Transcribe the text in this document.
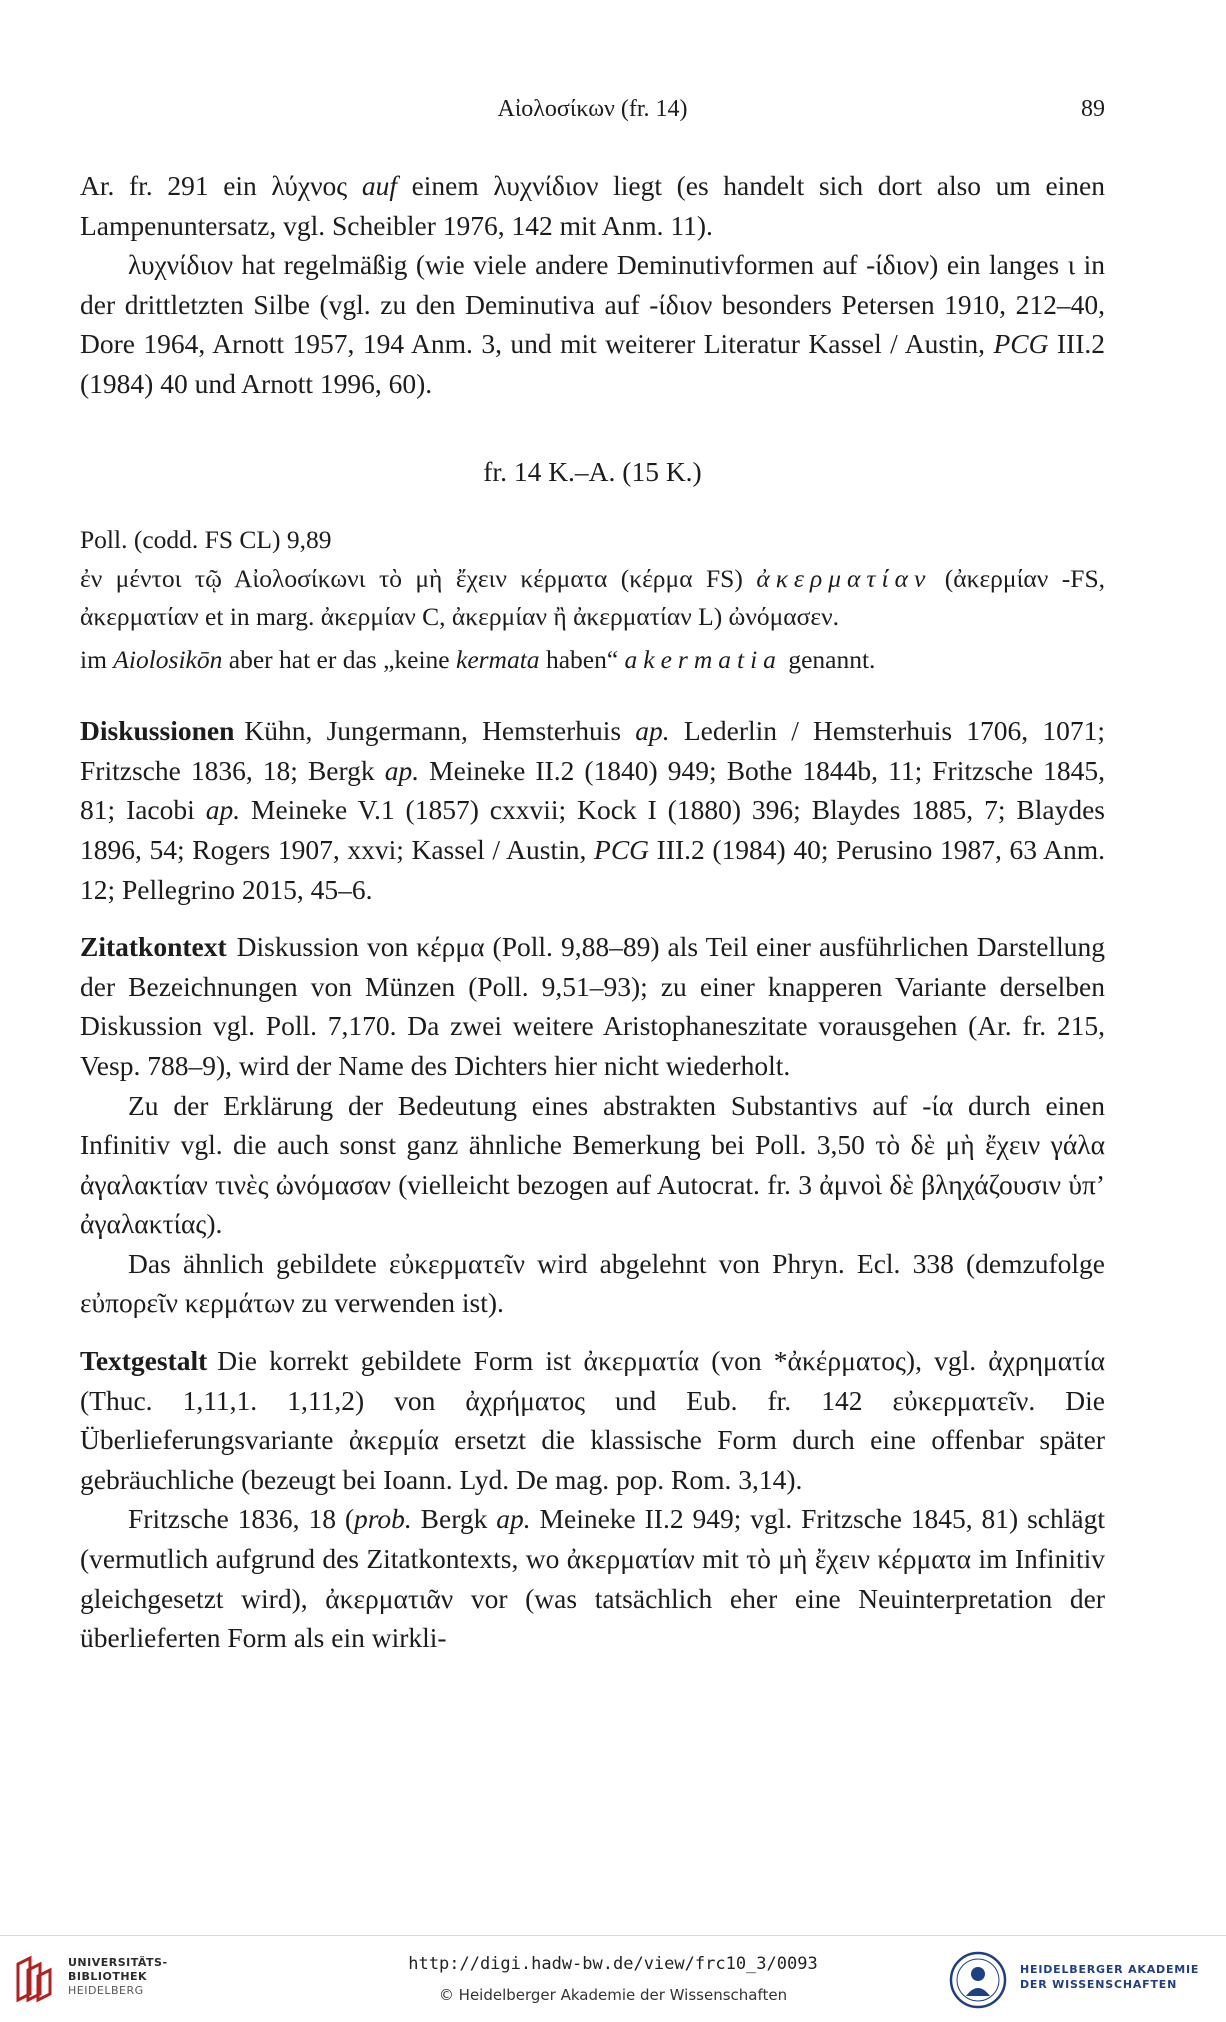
Αἰολοσίκων (fr. 14)	89

Ar. fr. 291 ein λύχνος auf einem λυχνίδιον liegt (es handelt sich dort also um einen Lampenuntersatz, vgl. Scheibler 1976, 142 mit Anm. 11).

λυχνίδιον hat regelmäßig (wie viele andere Deminutivformen auf -ίδιον) ein langes ι in der drittletzten Silbe (vgl. zu den Deminutiva auf -ίδιον besonders Petersen 1910, 212–40, Dore 1964, Arnott 1957, 194 Anm. 3, und mit weiterer Literatur Kassel / Austin, PCG III.2 (1984) 40 und Arnott 1996, 60).

fr. 14 K.–A. (15 K.)

Poll. (codd. FS CL) 9,89

ἐν μέντοι τῷ Αἰολοσίκωνι τὸ μὴ ἔχειν κέρματα (κέρμα FS) ἀκερματίαν (ἀκερμίαν -FS, ἀκερματίαν et in marg. ἀκερμίαν C, ἀκερμίαν ἢ ἀκερματίαν L) ὠνόμασεν.

im Aiolosikōn aber hat er das „keine kermata haben“ akermatia genannt.

Diskussionen Kühn, Jungermann, Hemsterhuis ap. Lederlin / Hemsterhuis 1706, 1071; Fritzsche 1836, 18; Bergk ap. Meineke II.2 (1840) 949; Bothe 1844b, 11; Fritzsche 1845, 81; Iacobi ap. Meineke V.1 (1857) cxxvii; Kock I (1880) 396; Blaydes 1885, 7; Blaydes 1896, 54; Rogers 1907, xxvi; Kassel / Austin, PCG III.2 (1984) 40; Perusino 1987, 63 Anm. 12; Pellegrino 2015, 45–6.

Zitatkontext Diskussion von κέρμα (Poll. 9,88–89) als Teil einer ausführlichen Darstellung der Bezeichnungen von Münzen (Poll. 9,51–93); zu einer knapperen Variante derselben Diskussion vgl. Poll. 7,170. Da zwei weitere Aristophaneszitate vorausgehen (Ar. fr. 215, Vesp. 788–9), wird der Name des Dichters hier nicht wiederholt.

Zu der Erklärung der Bedeutung eines abstrakten Substantivs auf -ία durch einen Infinitiv vgl. die auch sonst ganz ähnliche Bemerkung bei Poll. 3,50 τὸ δὲ μὴ ἔχειν γάλα ἀγαλακτίαν τινὲς ὠνόμασαν (vielleicht bezogen auf Autocrat. fr. 3 ἀμνοὶ δὲ βληχάζουσιν ὑπ’ ἀγαλακτίας).

Das ähnlich gebildete εὐκερματεῖν wird abgelehnt von Phryn. Ecl. 338 (demzufolge εὐπορεῖν κερμάτων zu verwenden ist).

Textgestalt Die korrekt gebildete Form ist ἀκερματία (von *ἀκέρματος), vgl. ἀχρηματία (Thuc. 1,11,1. 1,11,2) von ἀχρήματος und Eub. fr. 142 εὐκερματεῖν. Die Überlieferungsvariante ἀκερμία ersetzt die klassische Form durch eine offenbar später gebräuchliche (bezeugt bei Ioann. Lyd. De mag. pop. Rom. 3,14).

Fritzsche 1836, 18 (prob. Bergk ap. Meineke II.2 949; vgl. Fritzsche 1845, 81) schlägt (vermutlich aufgrund des Zitatkontexts, wo ἀκερματίαν mit τὸ μὴ ἔχειν κέρματα im Infinitiv gleichgesetzt wird), ἀκερματιᾶν vor (was tatsächlich eher eine Neuinterpretation der überlieferten Form als ein wirkli-

UNIVERSITÄTS-
BIBLIOTHEK
HEIDELBERG
http://digi.hadw-bw.de/view/frc10_3/0093
© Heidelberger Akademie der Wissenschaften
HEIDELBERGER AKADEMIE
DER WISSENSCHAFTEN
